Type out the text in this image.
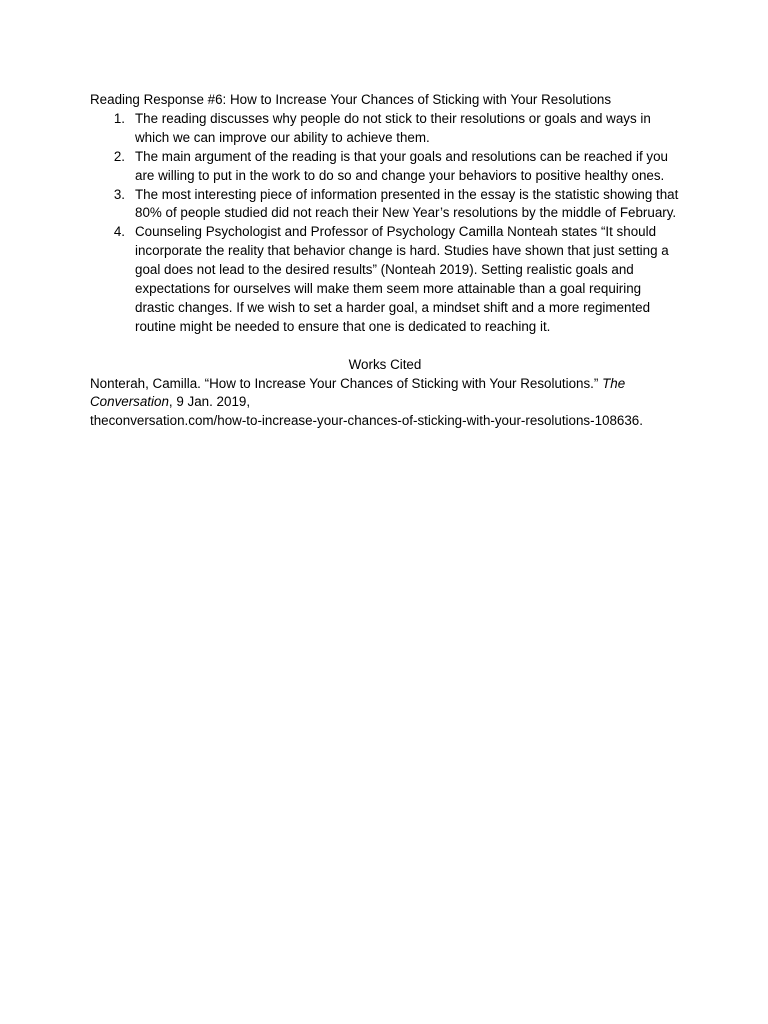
Reading Response #6: How to Increase Your Chances of Sticking with Your Resolutions

1. The reading discusses why people do not stick to their resolutions or goals and ways in which we can improve our ability to achieve them.
2. The main argument of the reading is that your goals and resolutions can be reached if you are willing to put in the work to do so and change your behaviors to positive healthy ones.
3. The most interesting piece of information presented in the essay is the statistic showing that 80% of people studied did not reach their New Year’s resolutions by the middle of February.
4. Counseling Psychologist and Professor of Psychology Camilla Nonteah states “It should incorporate the reality that behavior change is hard. Studies have shown that just setting a goal does not lead to the desired results” (Nonteah 2019). Setting realistic goals and expectations for ourselves will make them seem more attainable than a goal requiring drastic changes. If we wish to set a harder goal, a mindset shift and a more regimented routine might be needed to ensure that one is dedicated to reaching it.
Works Cited
Nonterah, Camilla. “How to Increase Your Chances of Sticking with Your Resolutions.” The Conversation, 9 Jan. 2019,
theconversation.com/how-to-increase-your-chances-of-sticking-with-your-resolutions-108636.
